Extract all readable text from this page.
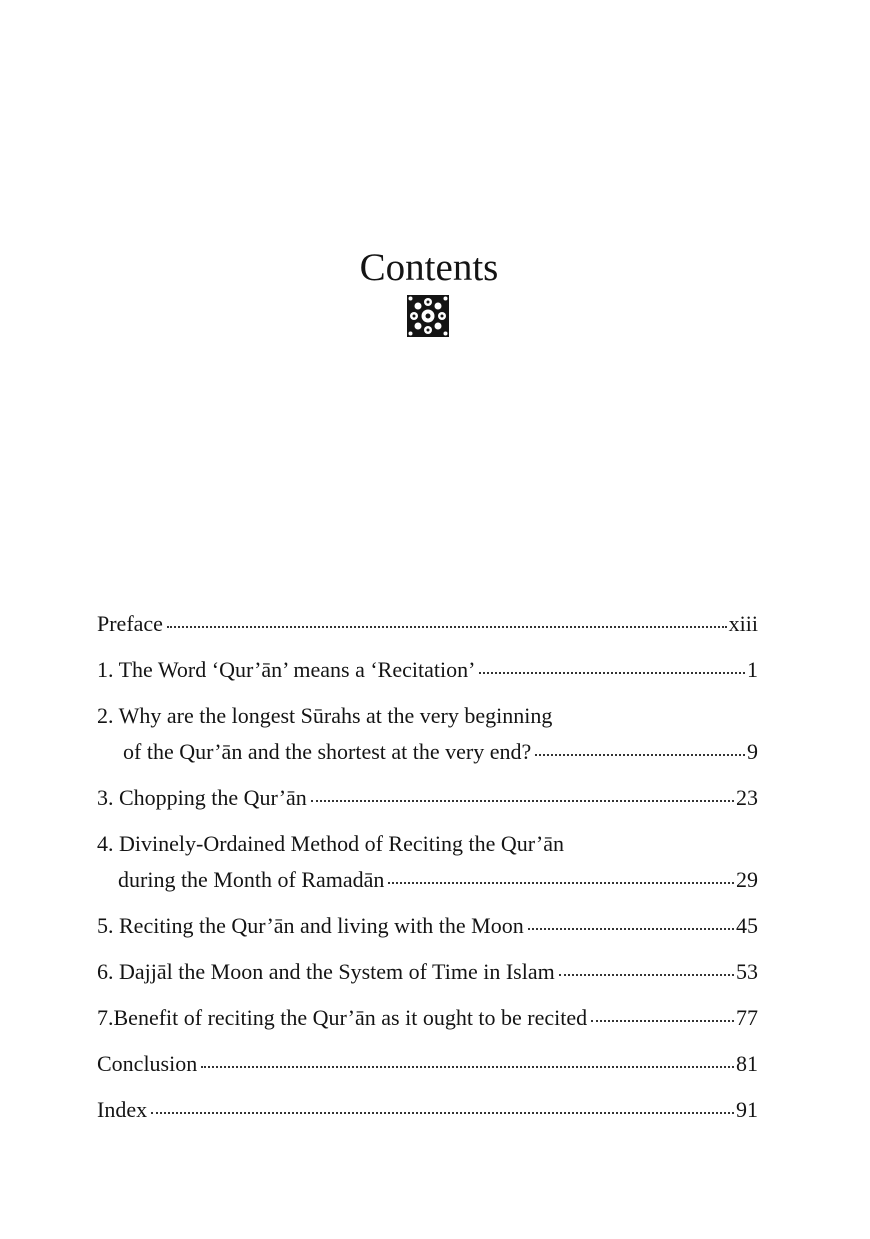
Contents
Preface	xiii
1. The Word ‘Qur’ān’ means a ‘Recitation’	1
2. Why are the longest Sūrahs at the very beginning
of the Qur’ān and the shortest at the very end?	9
3. Chopping the Qur’ān	23
4. Divinely-Ordained Method of Reciting the Qur’ān
during the Month of Ramadān	29
5. Reciting the Qur’ān and living with the Moon	45
6. Dajjāl the Moon and the System of Time in Islam	53
7.Benefit of reciting the Qur’ān as it ought to be recited	77
Conclusion	81
Index	91
